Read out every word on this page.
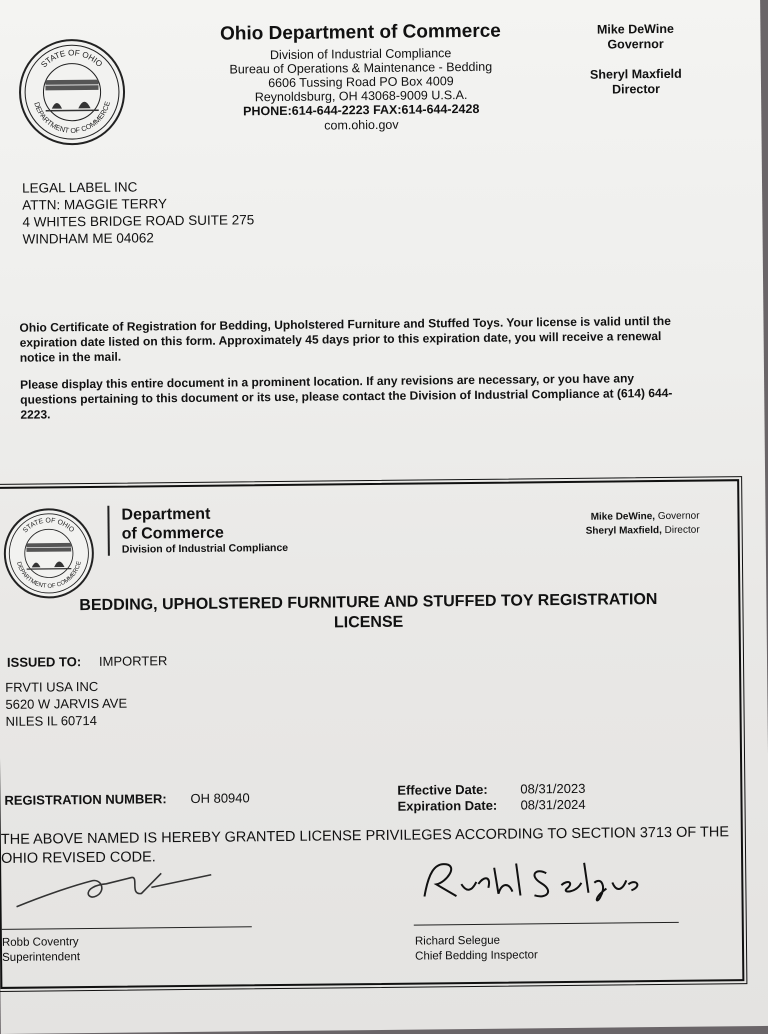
STATE OF OHIO
DEPARTMENT OF COMMERCE
Ohio Department of Commerce
Division of Industrial Compliance
Bureau of Operations & Maintenance - Bedding
6606 Tussing Road PO Box 4009
Reynoldsburg, OH 43068-9009 U.S.A.
PHONE:614-644-2223 FAX:614-644-2428
com.ohio.gov
Mike DeWine
Governor
Sheryl Maxfield
Director
LEGAL LABEL INC
ATTN: MAGGIE TERRY
4 WHITES BRIDGE ROAD SUITE 275
WINDHAM ME 04062
Ohio Certificate of Registration for Bedding, Upholstered Furniture and Stuffed Toys. Your license is valid until the expiration date listed on this form. Approximately 45 days prior to this expiration date, you will receive a renewal notice in the mail.
Please display this entire document in a prominent location. If any revisions are necessary, or you have any questions pertaining to this document or its use, please contact the Division of Industrial Compliance at (614) 644-2223.
STATE OF OHIO
DEPARTMENT OF COMMERCE
Department
of Commerce
Division of Industrial Compliance
Mike DeWine, Governor
Sheryl Maxfield, Director
BEDDING, UPHOLSTERED FURNITURE AND STUFFED TOY REGISTRATION
LICENSE
ISSUED TO: IMPORTER
FRVTI USA INC
5620 W JARVIS AVE
NILES IL 60714
REGISTRATION NUMBER: OH 80940
Effective Date:	08/31/2023
Expiration Date: 08/31/2024
THE ABOVE NAMED IS HEREBY GRANTED LICENSE PRIVILEGES ACCORDING TO SECTION 3713 OF THE OHIO REVISED CODE.
Robb Coventry
Superintendent
Richard Selegue
Chief Bedding Inspector
